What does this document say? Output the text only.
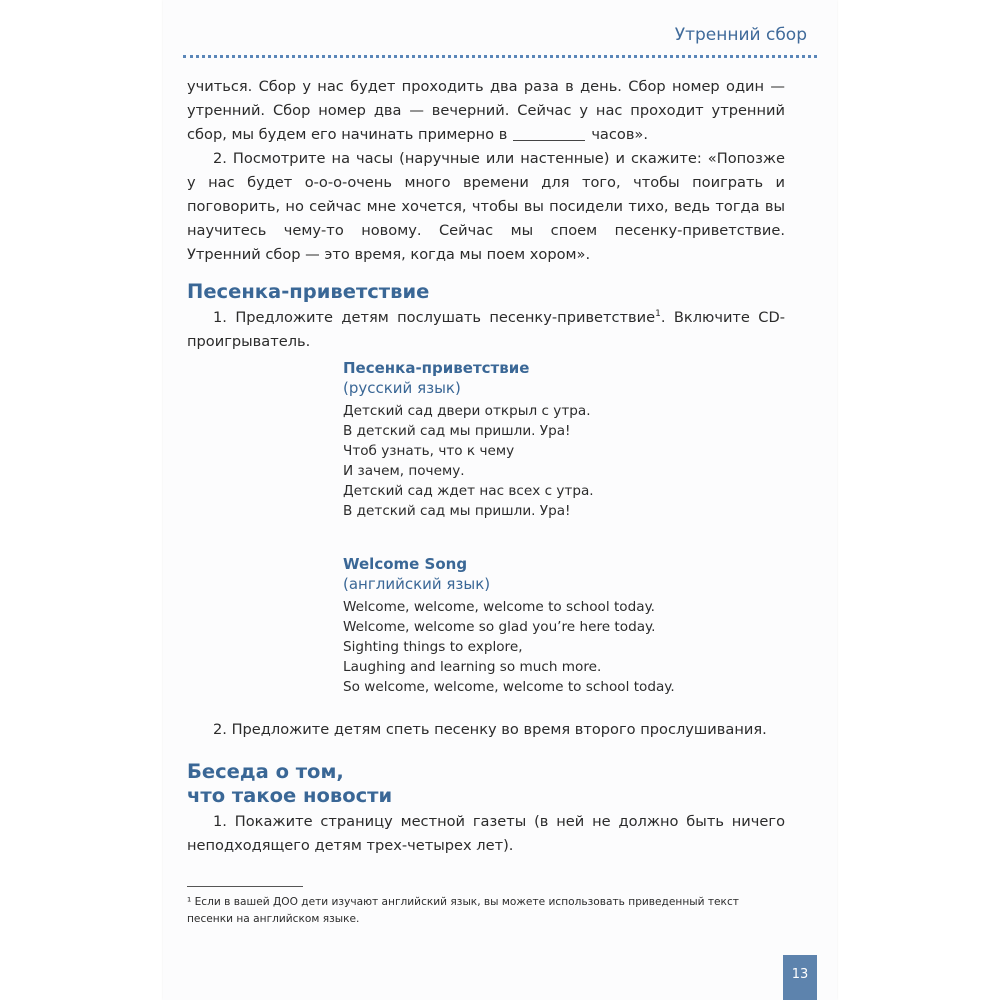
Утренний сбор

учиться. Сбор у нас будет проходить два раза в день. Сбор номер один —

утренний. Сбор номер два — вечерний. Сейчас у нас проходит утренний

сбор, мы будем его начинать примерно в	часов».

2. Посмотрите на часы (наручные или настенные) и скажите: «Попозже у нас будет о-о-о-очень много времени для того, чтобы поиграть и поговорить, но сейчас мне хочется, чтобы вы посидели тихо, ведь тогда вы научитесь чему-то новому. Сейчас мы споем песенку-приветствие. Утренний сбор — это время, когда мы поем хором».

Песенка-приветствие

1. Предложите детям послушать песенку-приветствие$^1$. Включите CD-проигрыватель.

Песенка-приветствие
(русский язык)
Детский сад двери открыл с утра.
В детский сад мы пришли. Ура!
Чтоб узнать, что к чему
И зачем, почему.
Детский сад ждет нас всех с утра.
В детский сад мы пришли. Ура!
Welcome Song
(английский язык)
Welcome, welcome, welcome to school today.
Welcome, welcome so glad you’re here today.
Sighting things to explore,
Laughing and learning so much more.
So welcome, welcome, welcome to school today.

2. Предложите детям спеть песенку во время второго прослушивания.

Беседа о том,
что такое новости

1. Покажите страницу местной газеты (в ней не должно быть ничего неподходящего детям трех-четырех лет).

¹ Если в вашей ДОО дети изучают английский язык, вы можете использовать приведенный текст песенки на английском языке.
13
